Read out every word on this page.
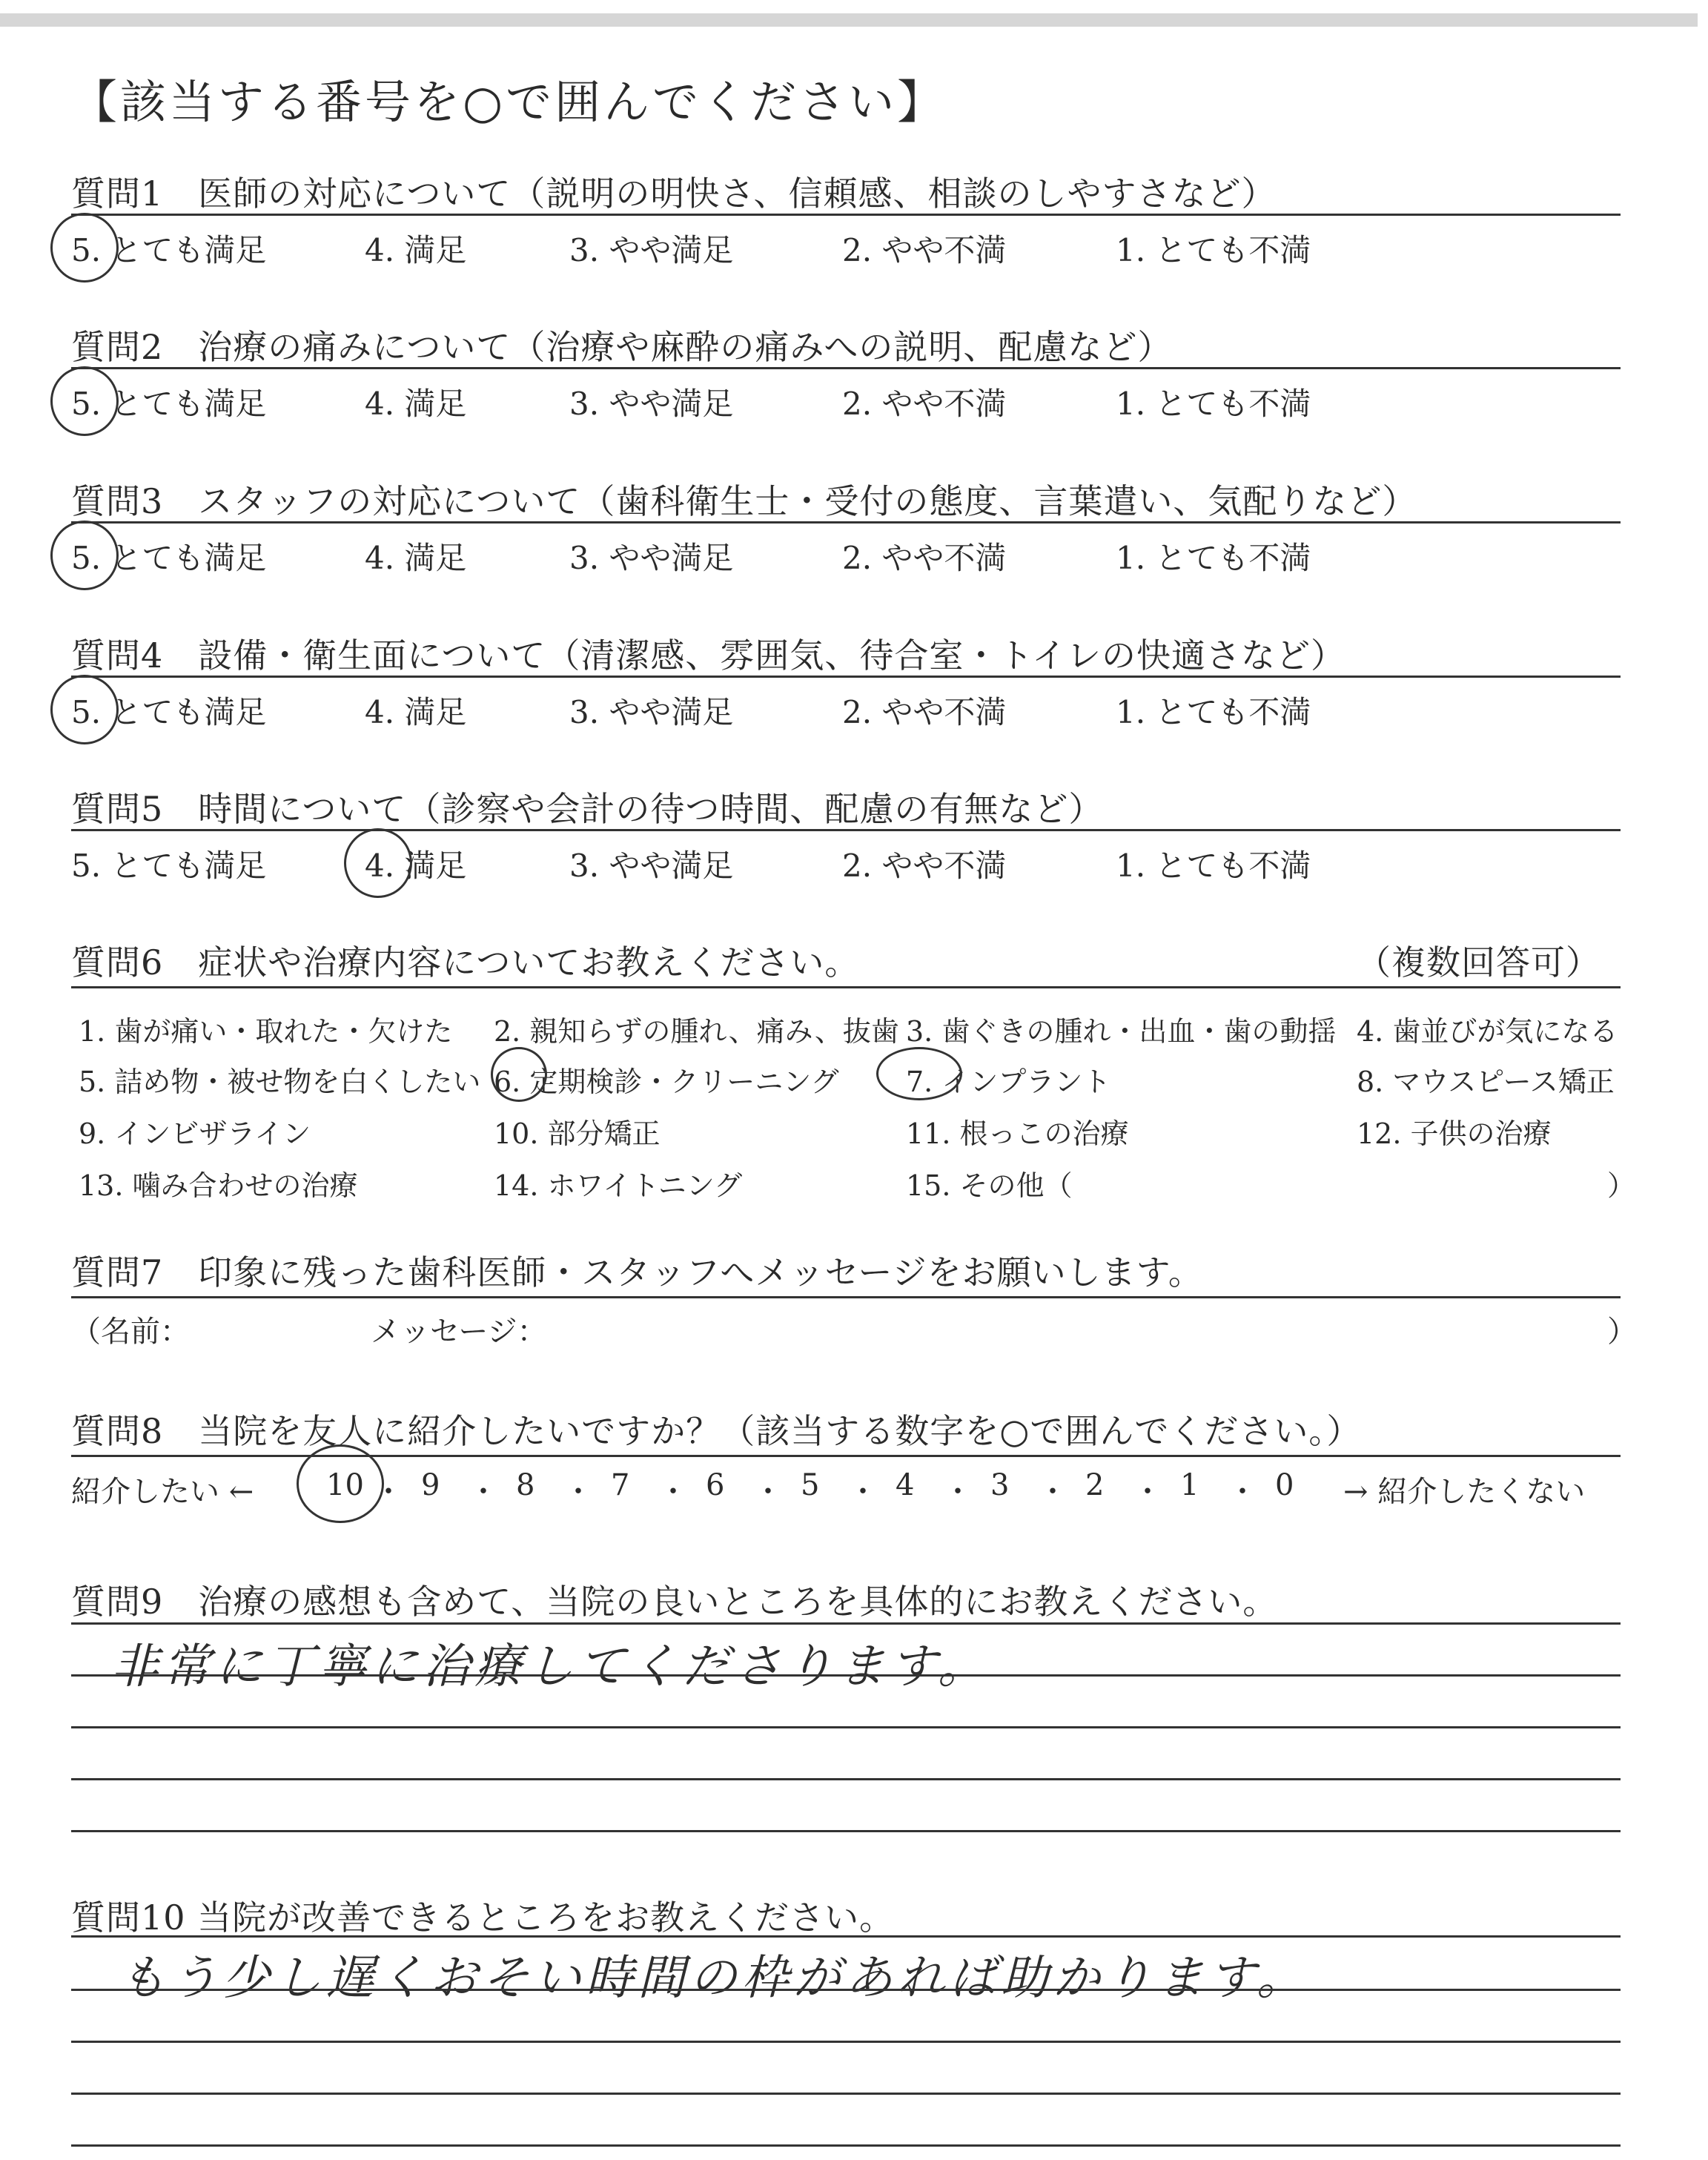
【該当する番号を○で囲んでください】
質問1　医師の対応について（説明の明快さ、信頼感、相談のしやすさなど）
5. とても満足	4. 満足	3. やや満足	2. やや不満	1. とても不満
質問2　治療の痛みについて（治療や麻酔の痛みへの説明、配慮など）
5. とても満足	4. 満足	3. やや満足	2. やや不満	1. とても不満
質問3　スタッフの対応について（歯科衛生士・受付の態度、言葉遣い、気配りなど）
5. とても満足	4. 満足	3. やや満足	2. やや不満	1. とても不満
質問4　設備・衛生面について（清潔感、雰囲気、待合室・トイレの快適さなど）
5. とても満足	4. 満足	3. やや満足	2. やや不満	1. とても不満
質問5　時間について（診察や会計の待つ時間、配慮の有無など）
5. とても満足	4. 満足	3. やや満足	2. やや不満	1. とても不満
質問6　症状や治療内容についてお教えください。	（複数回答可）
1. 歯が痛い・取れた・欠けた 2. 親知らずの腫れ、痛み、抜歯 3. 歯ぐきの腫れ・出血・歯の動揺 4. 歯並びが気になる
5. 詰め物・被せ物を白くしたい 6. 定期検診・クリーニング 7. インプラント	8. マウスピース矯正
9. インビザライン	10. 部分矯正	11. 根っこの治療	12. 子供の治療
13. 噛み合わせの治療	14. ホワイトニング	15. その他（	）
質問7　印象に残った歯科医師・スタッフへメッセージをお願いします。
（名前：	メッセージ：	）
質問8　当院を友人に紹介したいですか？（該当する数字を○で囲んでください。）
紹介したい ← 10 ・ 9 ・ 8 ・ 7 ・ 6 ・ 5 ・ 4 ・ 3 ・ 2 ・ 1 ・ 0 → 紹介したくない
質問9　治療の感想も含めて、当院の良いところを具体的にお教えください。
非常に丁寧に治療してくださります。
質問10 当院が改善できるところをお教えください。
もう少し遅くおそい時間の枠があれば助かります。
